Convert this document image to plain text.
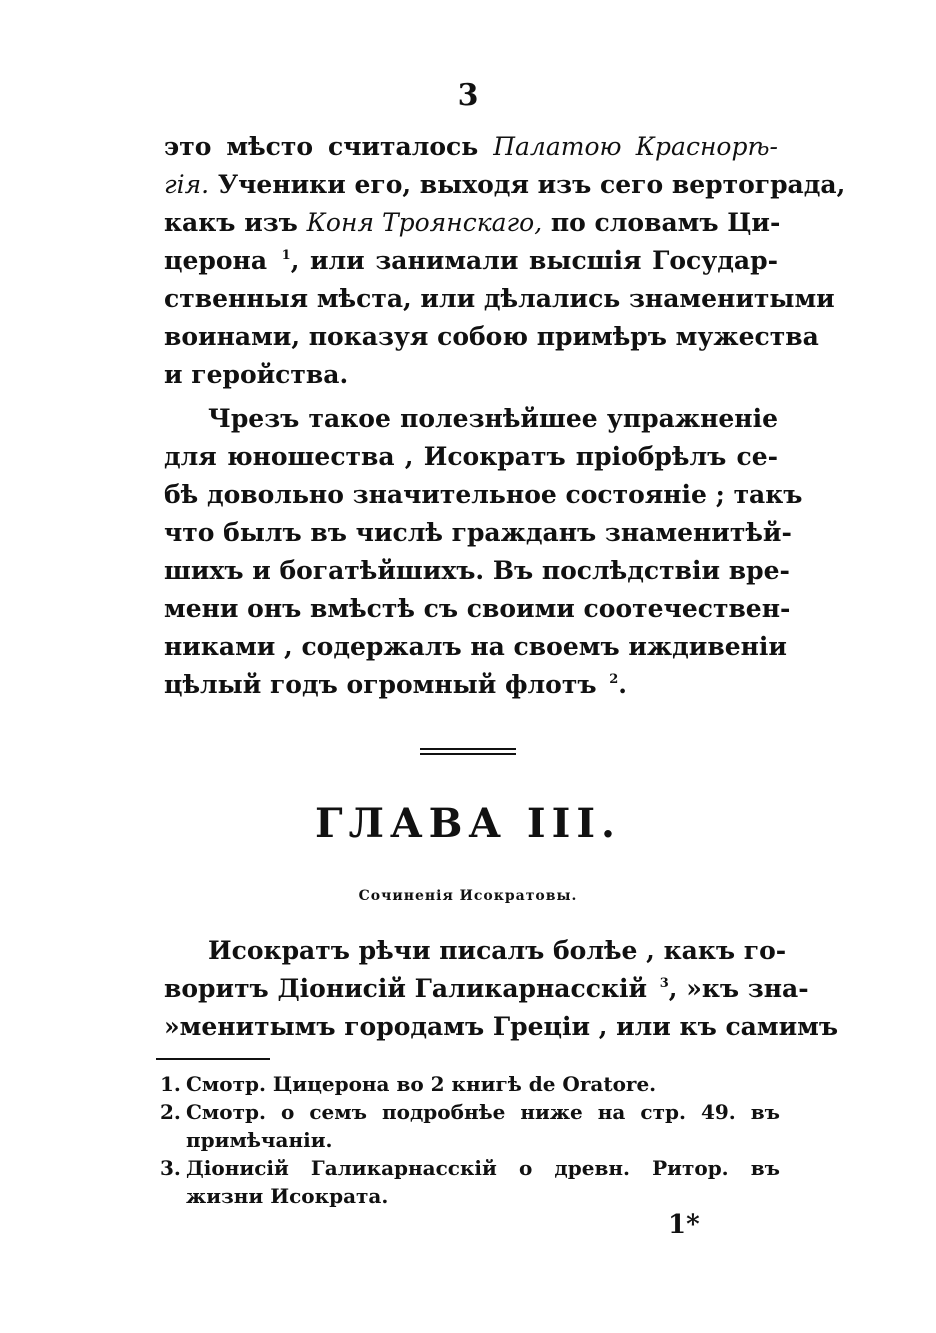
3
это мѣсто считалось Палатою Краснорѣ-
гія. Ученики его, выходя изъ сего вертограда,
какъ изъ Коня Троянскаго, по словамъ Ци-
церона $^1$, или занимали высшія Государ-
ственныя мѣста, или дѣлались знаменитыми
воинами, показуя собою примѣръ мужества
и геройства.
Чрезъ такое полезнѣйшее упражненіе
для юношества , Исократъ пріобрѣлъ се-
бѣ довольно значительное состояніе ; такъ
что былъ въ числѣ гражданъ знаменитѣй-
шихъ и богатѣйшихъ. Въ послѣдствіи вре-
мени онъ вмѣстѣ съ своими соотечествен-
никами , содержалъ на своемъ иждивеніи
цѣлый годъ огромный флотъ $^2$.
ГЛАВА III.
Сочиненія Исократовы.
Исократъ рѣчи писалъ болѣе , какъ го-
воритъ Діонисій Галикарнасскій $^3$, »къ зна-
»менитымъ городамъ Греціи , или къ самимъ
1. Смотр. Цицерона во 2 книгѣ de Oratore.
2. Смотр. о семъ подробнѣе ниже на стр. 49. въ
примѣчаніи.
3. Діонисій Галикарнасскій о древн. Ритор. въ
жизни Исократа.
1*
